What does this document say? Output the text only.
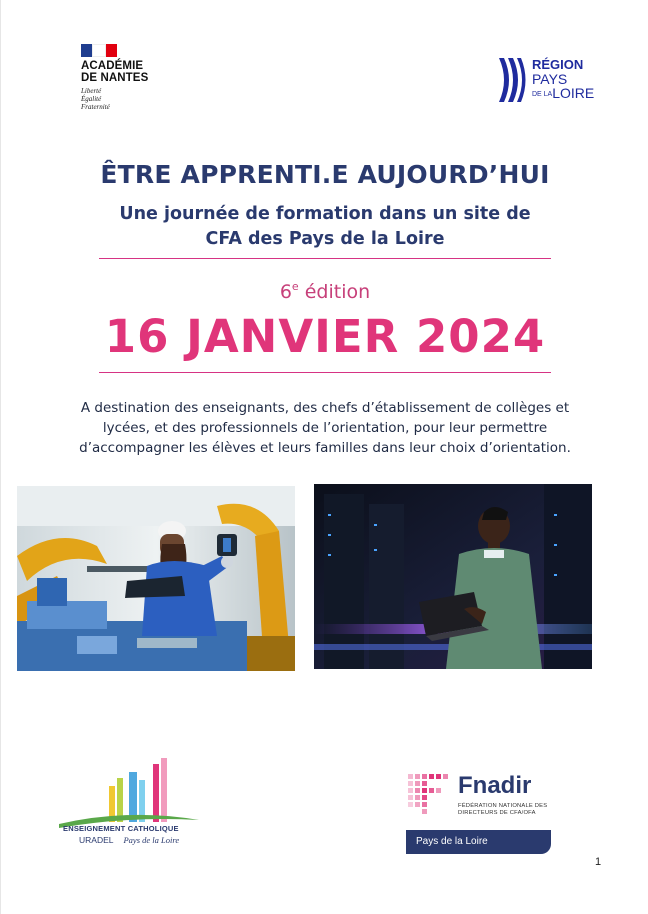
ACADÉMIE
DE NANTES
Liberté
Égalité
Fraternité
RÉGION
PAYS
DE LALOIRE
ÊTRE APPRENTI.E AUJOURD’HUI
Une journée de formation dans un site de
CFA des Pays de la Loire
6e édition
16 JANVIER 2024
A destination des enseignants, des chefs d’établissement de collèges et
lycées, et des professionnels de l’orientation, pour leur permettre
d’accompagner les élèves et leurs familles dans leur choix d’orientation.
ENSEIGNEMENT CATHOLIQUE
URADEL Pays de la Loire
Fnadir
FÉDÉRATION NATIONALE DES
DIRECTEURS DE CFA/OFA
Pays de la Loire
1
